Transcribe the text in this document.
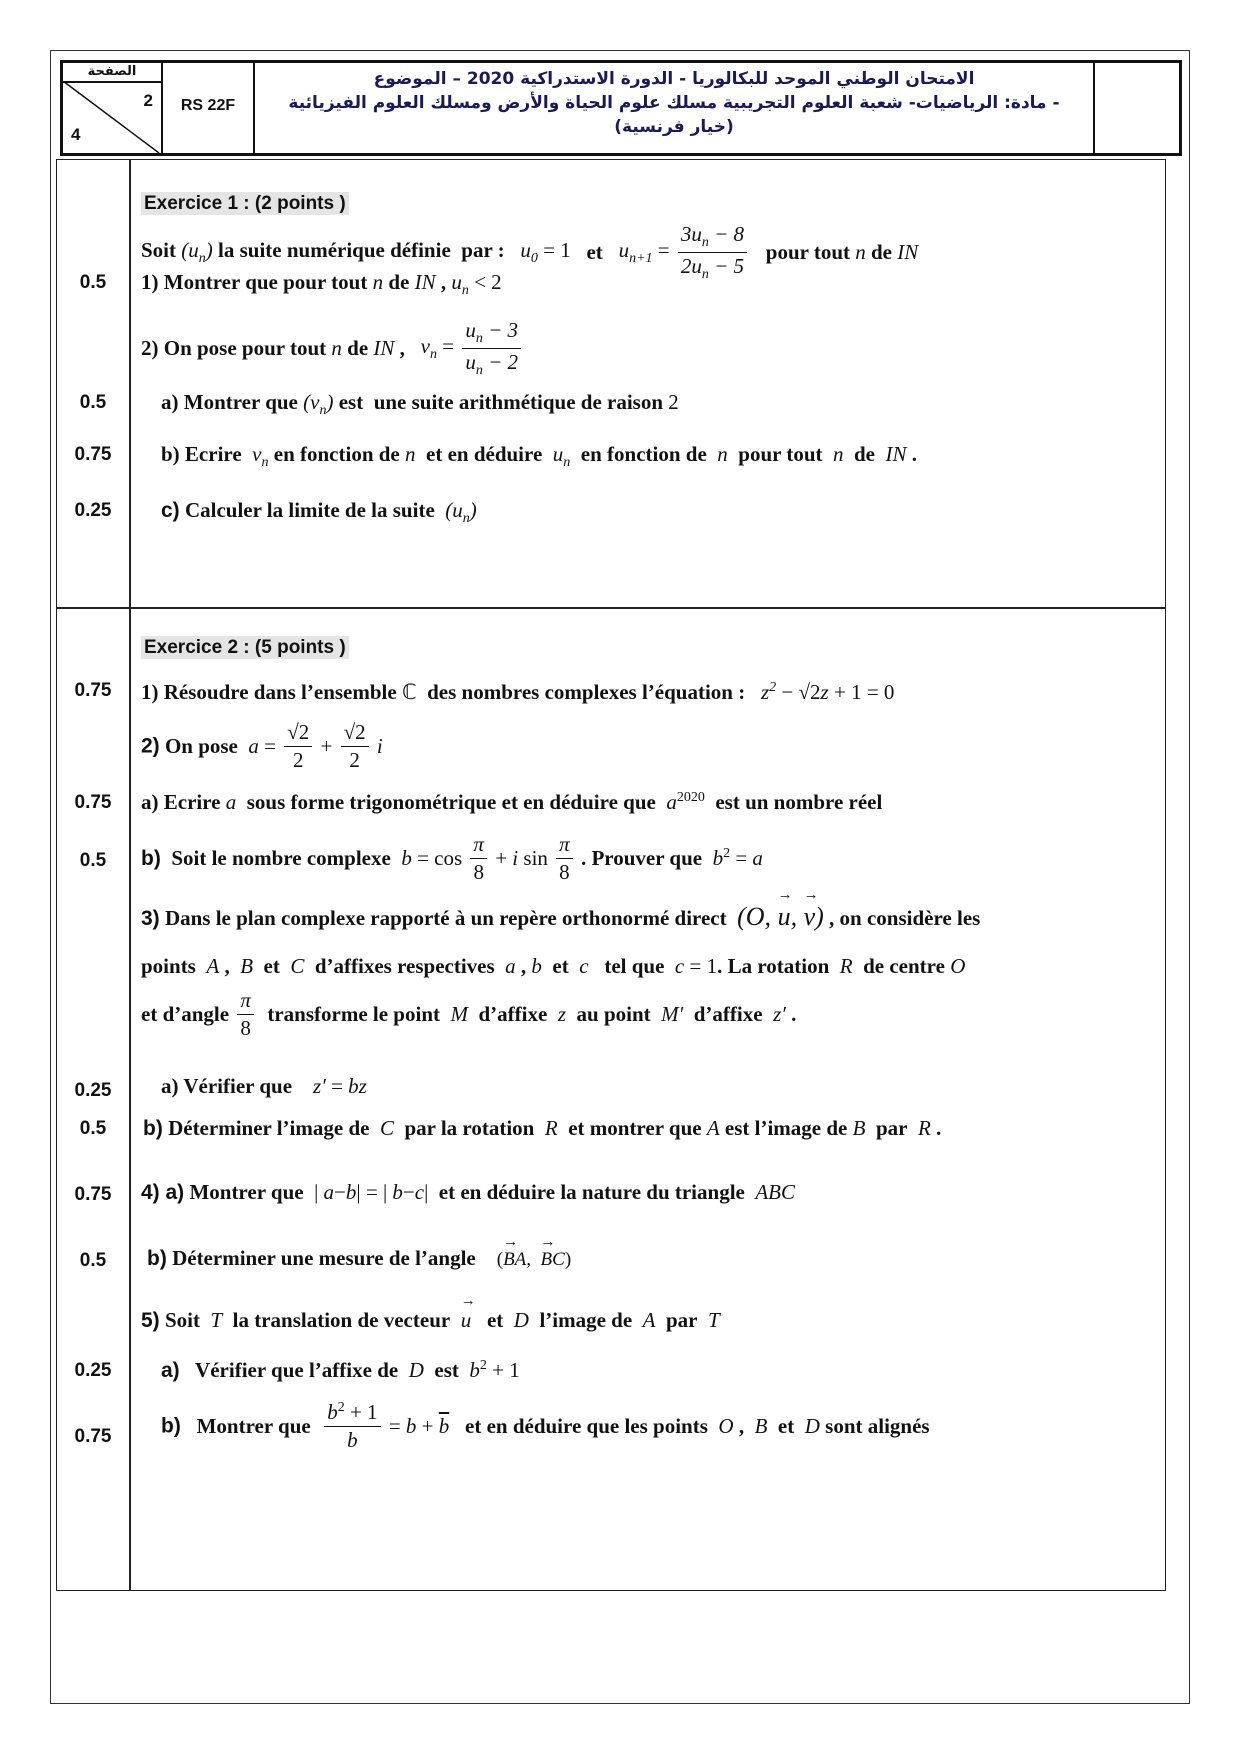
الصفحة
2
4
RS 22F
الامتحان الوطني الموحد للبكالوريا - الدورة الاستدراكية 2020 – الموضوع
- مادة: الرياضيات- شعبة العلوم التجريبية مسلك علوم الحياة والأرض ومسلك العلوم الفيزيائية
(خيار فرنسية)
Exercice 1 : (2 points )
Soit $(u_n)$ la suite numérique définie  par :   $u_0 = 1$   et   $u_{n+1} = \frac{3u_n - 8}{2u_n - 5}$ pour tout n de IN
0.5	1) Montrer que pour tout n de IN , $u_n < 2$
2) On pose pour tout n de IN ,   $v_n = \frac{u_n - 3}{u_n - 2}$
0.5	a) Montrer que $(v_n)$ est  une suite arithmétique de raison 2
0.75	b) Ecrire  $v_n$ en fonction de n  et en déduire  $u_n$  en fonction de  n  pour tout  n  de  IN .
0.25	c) Calculer la limite de la suite  $(u_n)$
Exercice 2 : (5 points )
0.75	1) Résoudre dans l’ensemble ℂ  des nombres complexes l’équation :   $z^2 - √2z + 1 = 0$
2) On pose  $a = \frac{√2}{2} + \frac{√2}{2}$ i
0.75	a) Ecrire a  sous forme trigonométrique et en déduire que  $a^{2020}$  est un nombre réel
0.5	b)  Soit le nombre complexe  $b = \cos \frac{\pi}{8} + i$ $\sin \frac{\pi}{8}$ . Prouver que  $b^2 = a$
3) Dans le plan complexe rapporté à un repère orthonormé direct  (O, → u, → v) , on considère les
points  A ,  B  et  C  d’affixes respectives  a , b  et  c   tel que  c = 1. La rotation  R  de centre O
et d’angle $\frac{\pi}{8}$ transforme le point  M  d’affixe  z  au point  M′  d’affixe  z′ .
0.25	a) Vérifier que    z′ = bz
0.5	b) Déterminer l’image de  C  par la rotation  R  et montrer que A est l’image de B  par  R .
0.75	4) a) Montrer que  | a−b| = | b−c|  et en déduire la nature du triangle  ABC
0.5	b) Déterminer une mesure de l’angle    (→ BA,  → BC)
5) Soit  T  la translation de vecteur  → u   et  D  l’image de  A  par  T
0.25	a)   Vérifier que l’affixe de  D  est  $b^2 + 1$
0.75	b)   Montrer que $\frac{b^2 + 1}{b} = b + \overline{b}$   et en déduire que les points  O ,  B  et  D sont alignés
